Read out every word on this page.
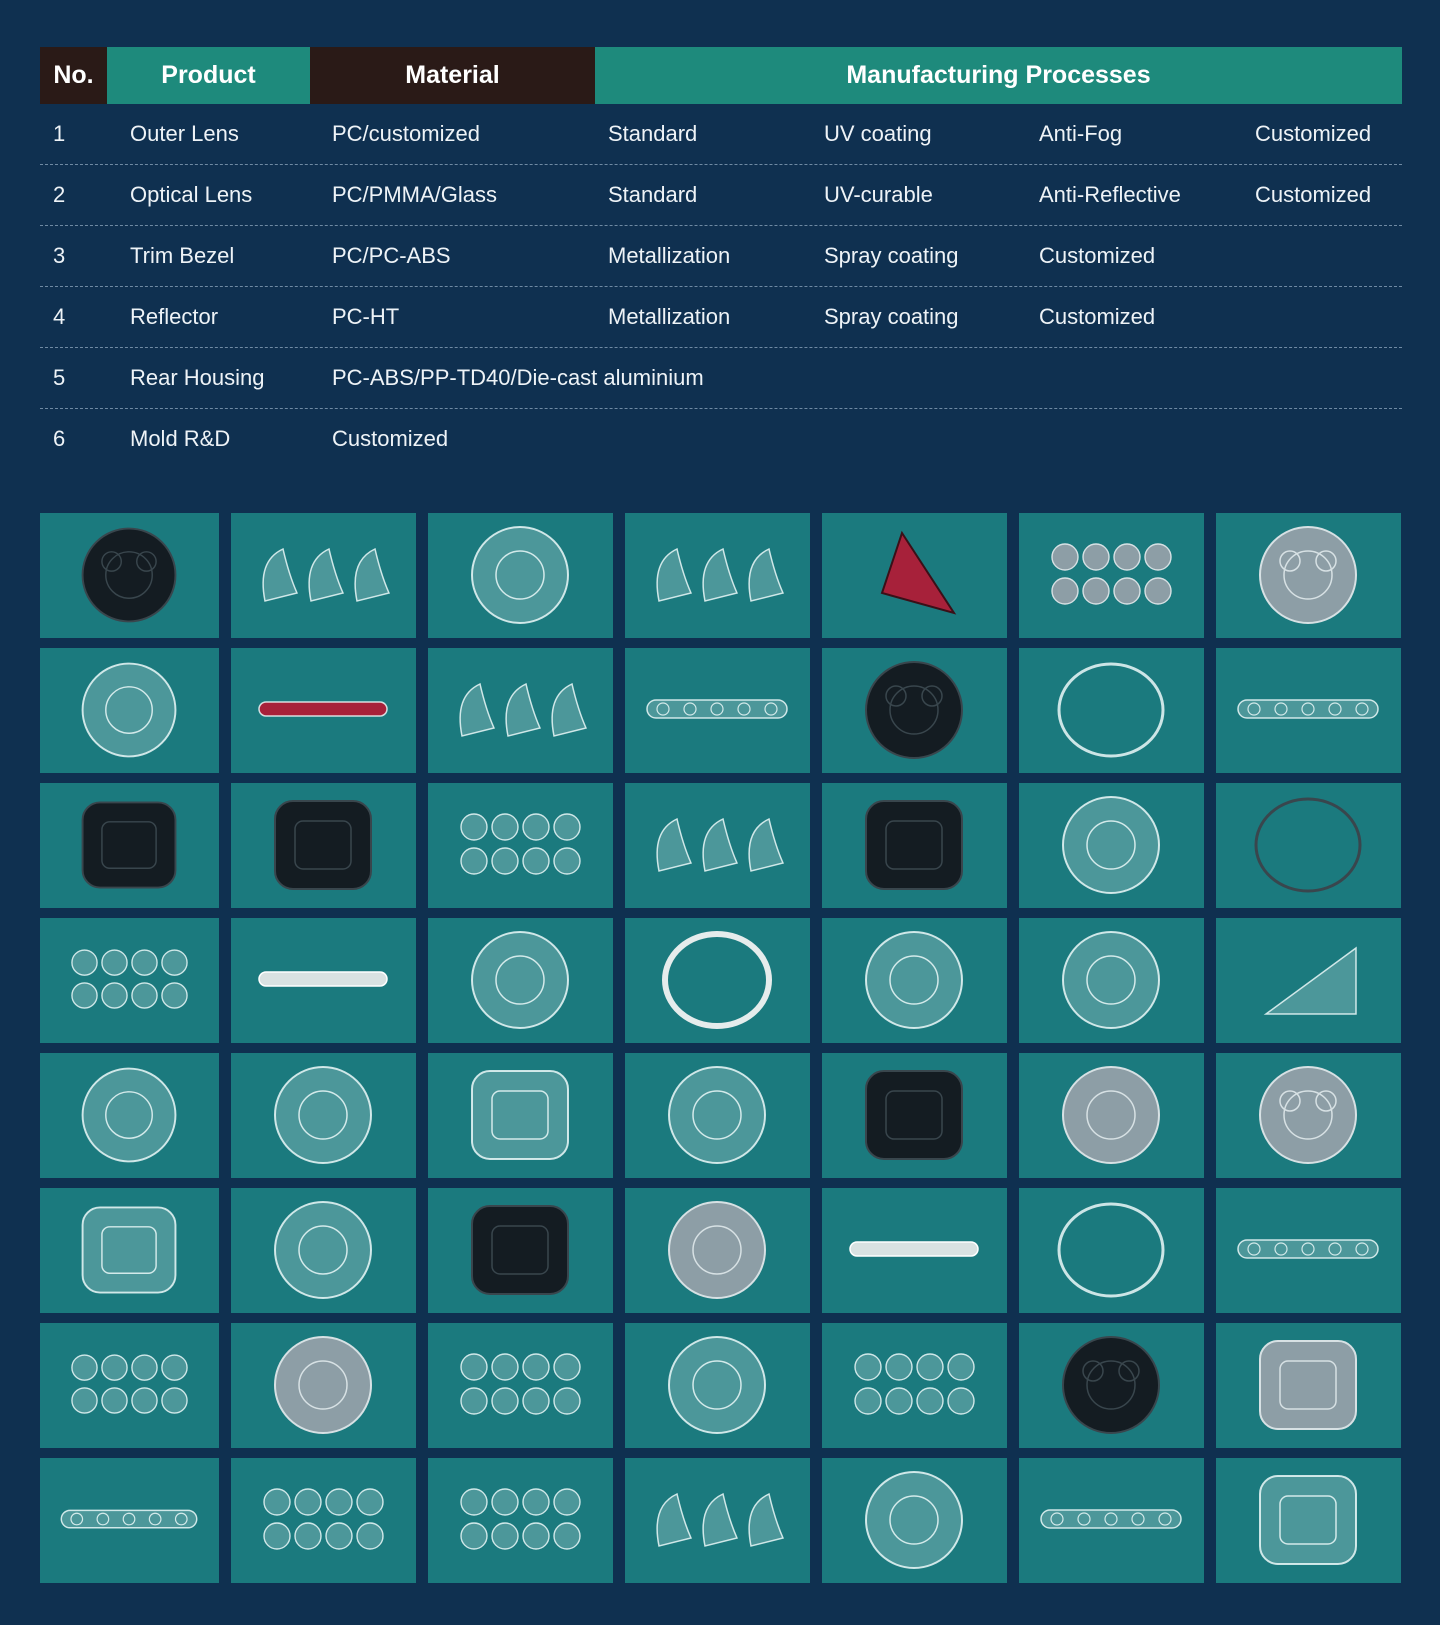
No.	Product	Material	Manufacturing Processes
1	Outer Lens	PC/customized	Standard	UV coating	Anti-Fog	Customized
2	Optical Lens	PC/PMMA/Glass	Standard	UV-curable	Anti-Reflective	Customized
3	Trim Bezel	PC/PC-ABS	Metallization	Spray coating	Customized
4	Reflector	PC-HT	Metallization	Spray coating	Customized
5	Rear Housing	PC-ABS/PP-TD40/Die-cast aluminium
6	Mold R&D	Customized
